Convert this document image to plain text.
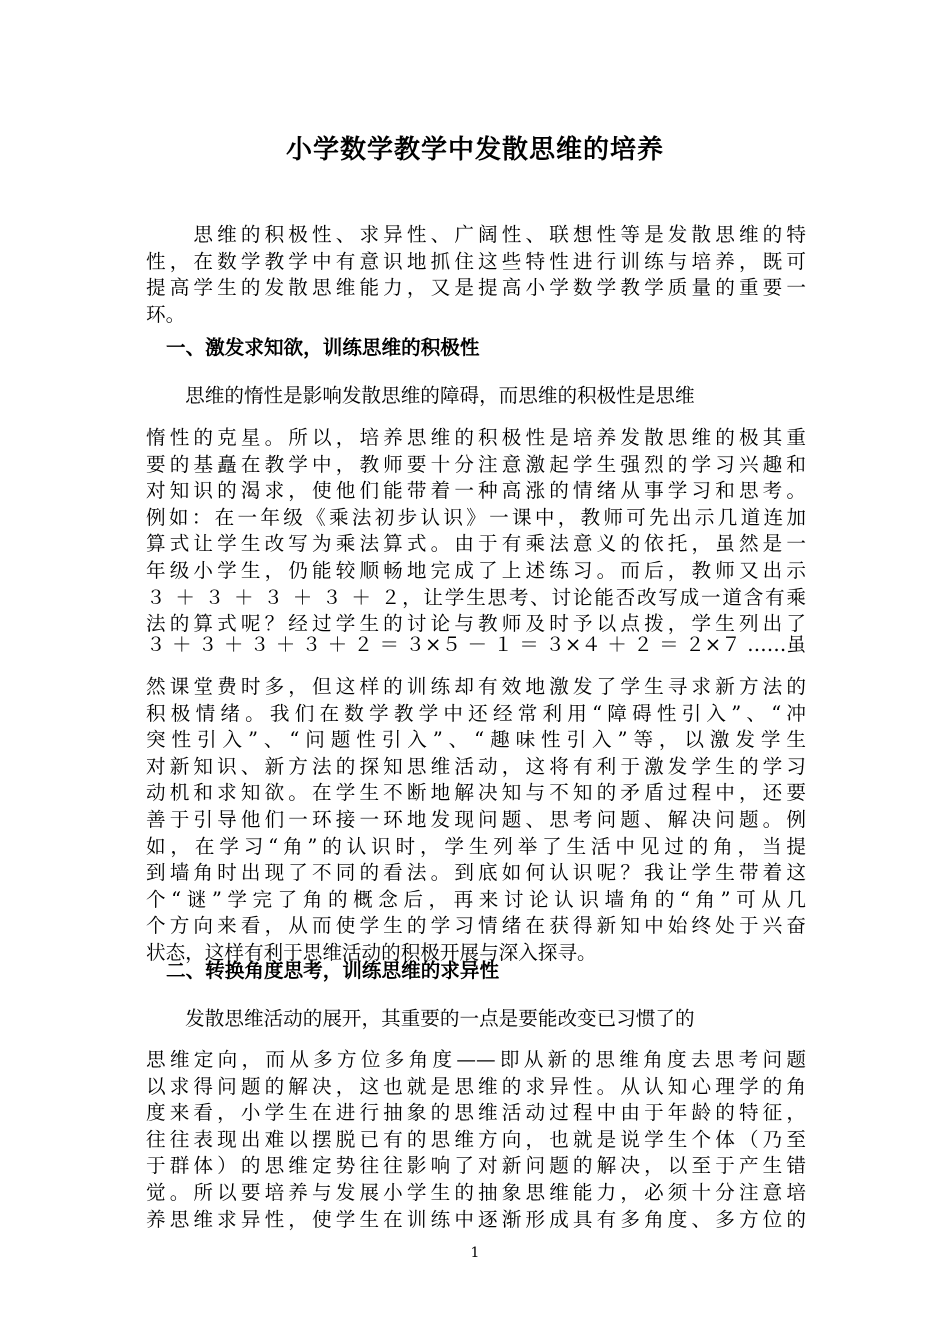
小学数学教学中发散思维的培养
　　思维的积极性、求异性、广阔性、联想性等是发散思维的特
性，在数学教学中有意识地抓住这些特性进行训练与培养，既可
提高学生的发散思维能力，又是提高小学数学教学质量的重要一
环。
一、激发求知欲，训练思维的积极性
　　思维的惰性是影响发散思维的障碍，而思维的积极性是思维
惰性的克星。所以，培养思维的积极性是培养发散思维的极其重
要的基矗在教学中，教师要十分注意激起学生强烈的学习兴趣和
对知识的渴求，使他们能带着一种高涨的情绪从事学习和思考。
例如：在一年级《乘法初步认识》一课中，教师可先出示几道连加
算式让学生改写为乘法算式。由于有乘法意义的依托，虽然是一
年级小学生，仍能较顺畅地完成了上述练习。而后，教师又出示
３ ＋ ３ ＋ ３ ＋ ３ ＋ ２，让学生思考、讨论能否改写成一道含有乘
法的算式呢？经过学生的讨论与教师及时予以点拨，学生列出了
３ ＋ ３ ＋ ３ ＋ ３ ＋ ２ ＝ ３×５ － １ ＝ ３×４ ＋ ２ ＝ ２×７ ……虽
然课堂费时多，但这样的训练却有效地激发了学生寻求新方法的
积极情绪。我们在数学教学中还经常利用“障碍性引入”、“冲
突性引入”、“问题性引入”、“趣味性引入”等，以激发学生
对新知识、新方法的探知思维活动，这将有利于激发学生的学习
动机和求知欲。在学生不断地解决知与不知的矛盾过程中，还要
善于引导他们一环接一环地发现问题、思考问题、解决问题。例
如，在学习“角”的认识时，学生列举了生活中见过的角，当提
到墙角时出现了不同的看法。到底如何认识呢？我让学生带着这
个“谜”学完了角的概念后，再来讨论认识墙角的“角”可从几
个方向来看，从而使学生的学习情绪在获得新知中始终处于兴奋
状态，这样有利于思维活动的积极开展与深入探寻。
二、转换角度思考，训练思维的求异性
　　发散思维活动的展开，其重要的一点是要能改变已习惯了的
思维定向，而从多方位多角度——即从新的思维角度去思考问题
以求得问题的解决，这也就是思维的求异性。从认知心理学的角
度来看，小学生在进行抽象的思维活动过程中由于年龄的特征，
往往表现出难以摆脱已有的思维方向，也就是说学生个体（乃至
于群体）的思维定势往往影响了对新问题的解决，以至于产生错
觉。所以要培养与发展小学生的抽象思维能力，必须十分注意培
养思维求异性，使学生在训练中逐渐形成具有多角度、多方位的
1
